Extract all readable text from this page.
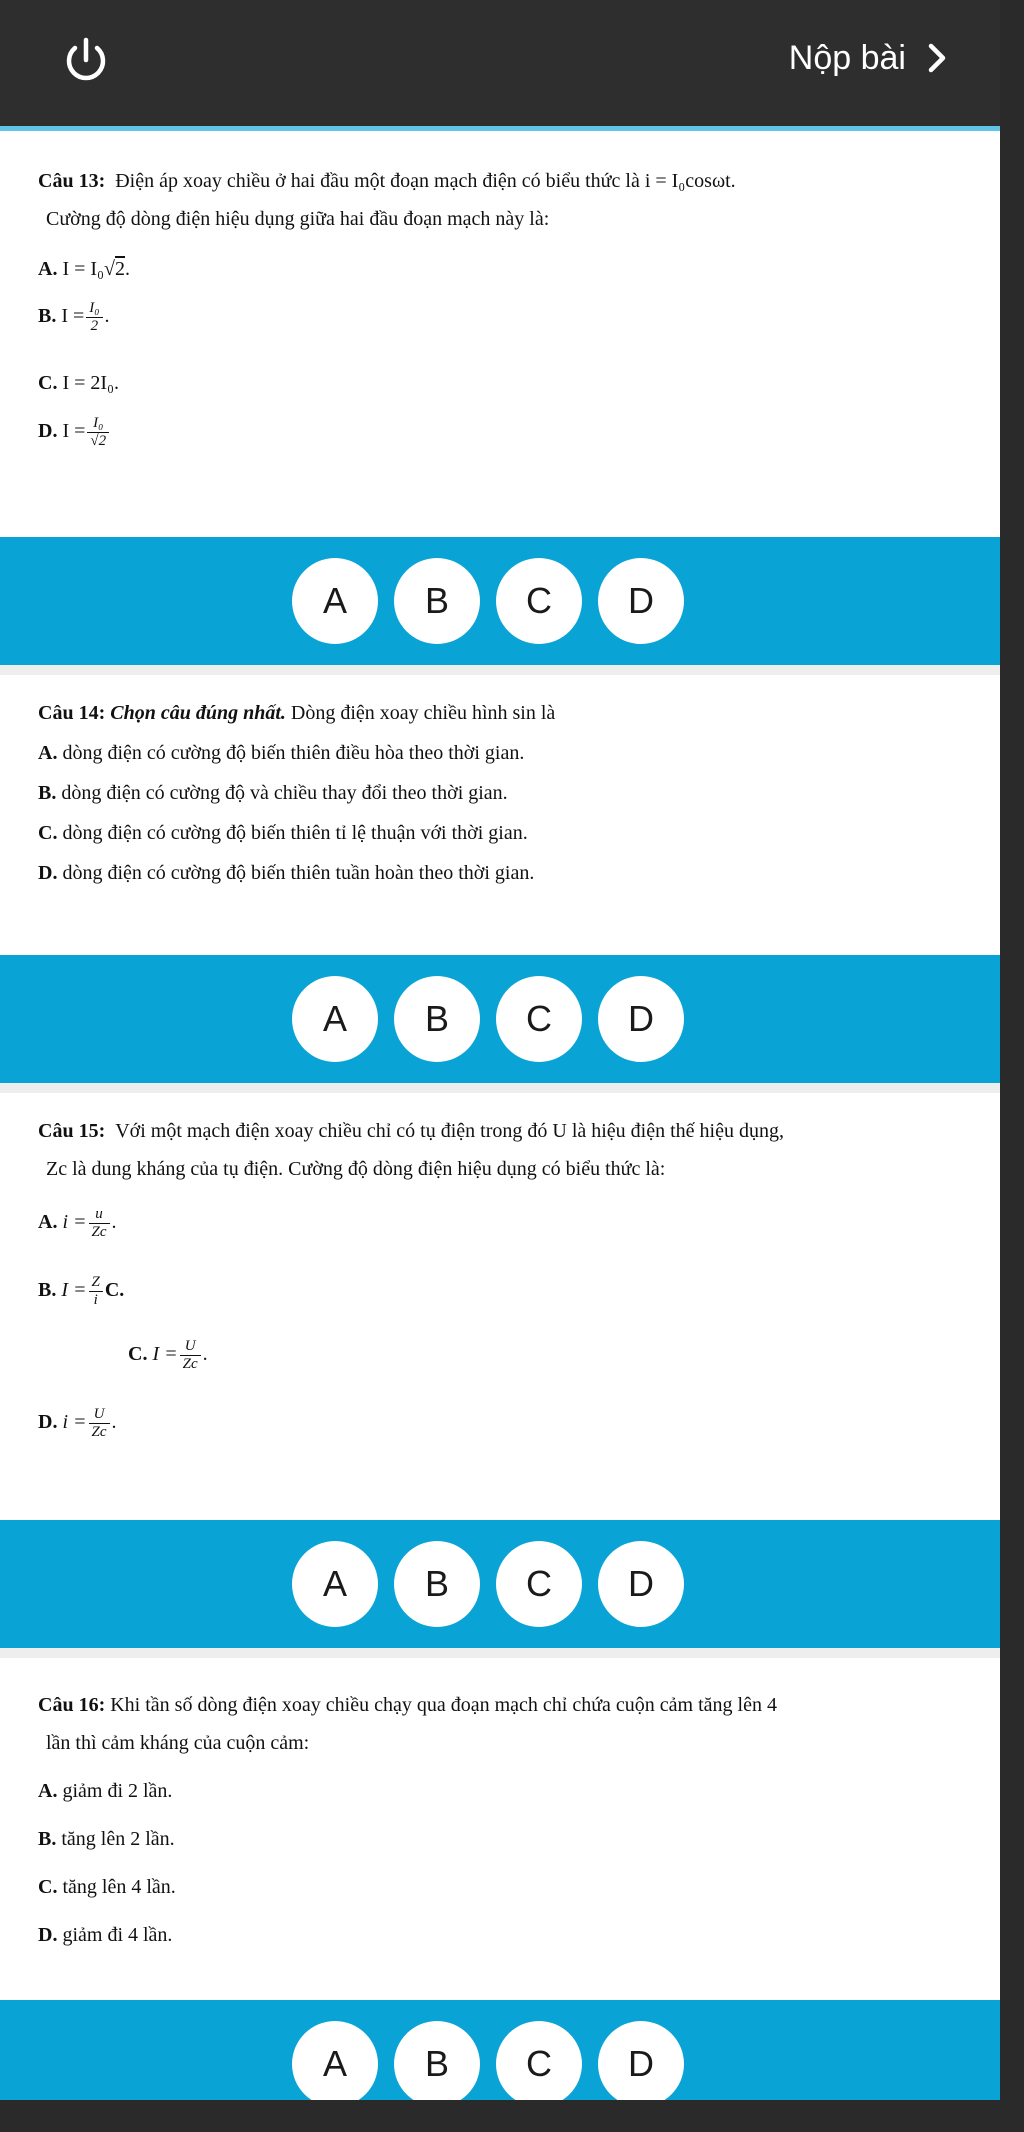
Nộp bài
Câu 13: Điện áp xoay chiều ở hai đầu một đoạn mạch điện có biểu thức là i = I₀cosωt.
Cường độ dòng điện hiệu dụng giữa hai đầu đoạn mạch này là:
A. I = I₀√2.
B. $I = \frac{\text{I₀}}{2}$ .
C. I = 2I₀.
D. $I = \frac{\text{I₀}}{√2}$
A	B	C	D
Câu 14: Chọn câu đúng nhất. Dòng điện xoay chiều hình sin là
A. dòng điện có cường độ biến thiên điều hòa theo thời gian.
B. dòng điện có cường độ và chiều thay đổi theo thời gian.
C. dòng điện có cường độ biến thiên tỉ lệ thuận với thời gian.
D. dòng điện có cường độ biến thiên tuần hoàn theo thời gian.
A	B	C	D
Câu 15: Với một mạch điện xoay chiều chỉ có tụ điện trong đó U là hiệu điện thế hiệu dụng,
Zc là dung kháng của tụ điện. Cường độ dòng điện hiệu dụng có biểu thức là:
A. $i = \frac{u}{Zc}$ .
B. $I = \frac{Z}{i} C$.
C. $I = \frac{U}{Zc}$ .
D. $i = \frac{U}{Zc}$ .
A	B	C	D
Câu 16: Khi tần số dòng điện xoay chiều chạy qua đoạn mạch chỉ chứa cuộn cảm tăng lên 4
lần thì cảm kháng của cuộn cảm:
A. giảm đi 2 lần.
B. tăng lên 2 lần.
C. tăng lên 4 lần.
D. giảm đi 4 lần.
A	B	C	D
